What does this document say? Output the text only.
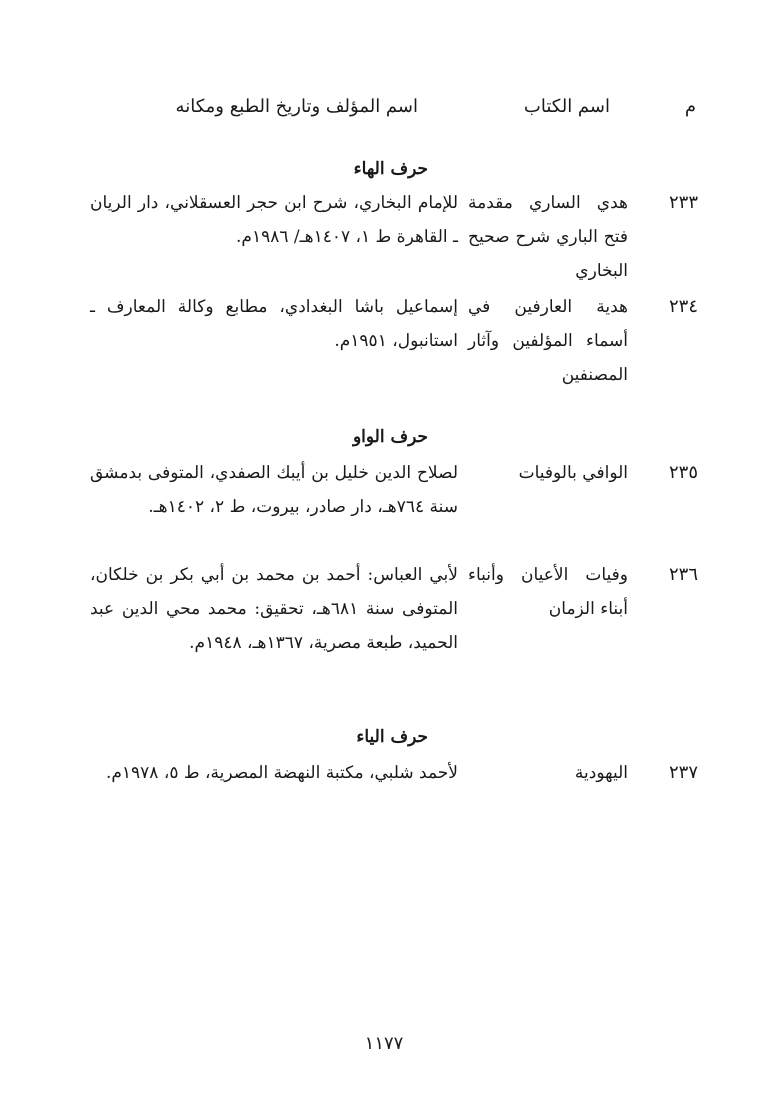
م
اسم الكتاب
اسم المؤلف وتاريخ الطبع ومكانه
حرف الهاء
٢٣٣
هدي الساري مقدمة فتح الباري شرح صحيح البخاري
للإمام البخاري، شرح ابن حجر العسقلاني، دار الريان ـ القاهرة ط ١، ١٤٠٧هـ/ ١٩٨٦م.
٢٣٤
هدية العارفين في أسماء المؤلفين وآثار المصنفين
إسماعيل باشا البغدادي، مطابع وكالة المعارف ـ استانبول، ١٩٥١م.
حرف الواو
٢٣٥
الوافي بالوفيات
لصلاح الدين خليل بن أيبك الصفدي، المتوفى بدمشق سنة ٧٦٤هـ، دار صادر، بيروت، ط ٢، ١٤٠٢هـ.
٢٣٦
وفيات الأعيان وأنباء أبناء الزمان
لأبي العباس: أحمد بن محمد بن أبي بكر بن خلكان، المتوفى سنة ٦٨١هـ، تحقيق: محمد محي الدين عبد الحميد، طبعة مصرية، ١٣٦٧هـ، ١٩٤٨م.
حرف الياء
٢٣٧
اليهودية
لأحمد شلبي، مكتبة النهضة المصرية، ط ٥، ١٩٧٨م.
١١٧٧
